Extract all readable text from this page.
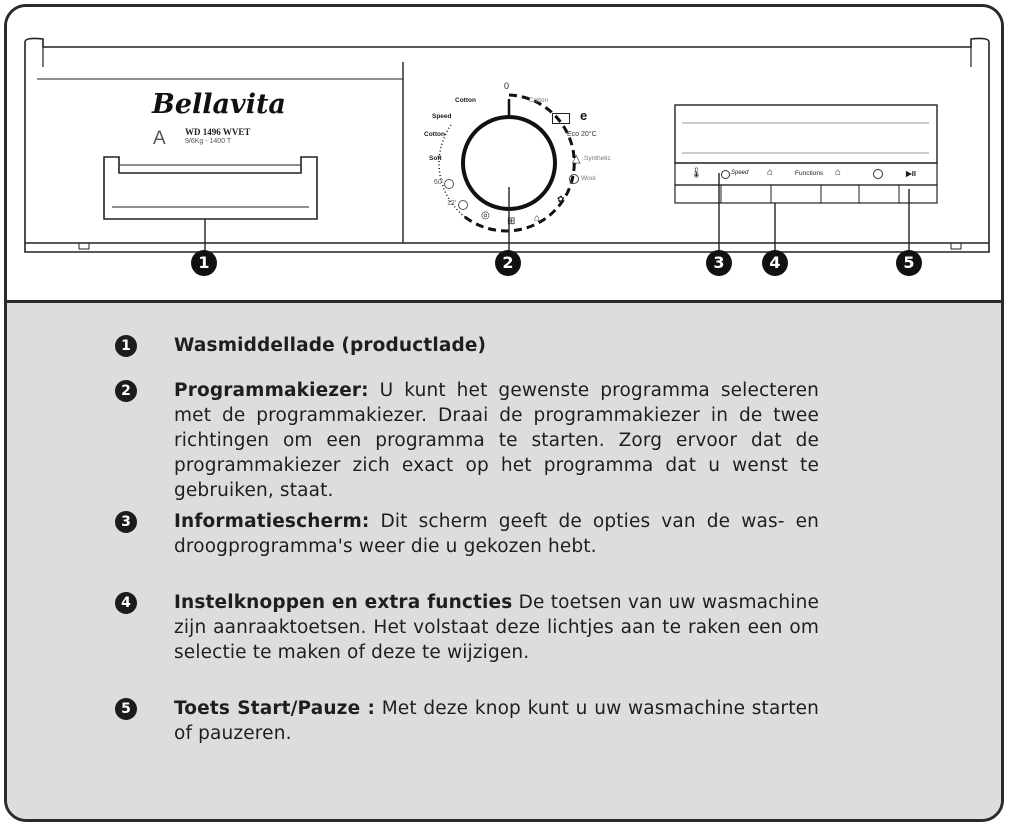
Bellavita
A WD 1496 WVET
9/6Kg - 1400 T
0
Cotton
Speed
Cotton
Soft
60'
12'
Cotton
e
Eco 20°C
△ Synthetic
Wool
✿
⌂
⊞
◎
🌡	Speed ⌂	Functions ⌂	▶II
1	2	3	4	5
1	Wasmiddellade (productlade)
2	Programmakiezer: U kunt het gewenste programma selecteren met de programmakiezer. Draai de programmakiezer in de twee richtingen om een programma te starten. Zorg ervoor dat de programmakiezer zich exact op het programma dat u wenst te gebruiken, staat.
3	Informatiescherm: Dit scherm geeft de opties van de was- en droogprogramma's weer die u gekozen hebt.
4	Instelknoppen en extra functies De toetsen van uw wasmachine zijn aanraaktoetsen. Het volstaat deze lichtjes aan te raken een om selectie te maken of deze te wijzigen.
5	Toets Start/Pauze : Met deze knop kunt u uw wasmachine starten of pauzeren.
